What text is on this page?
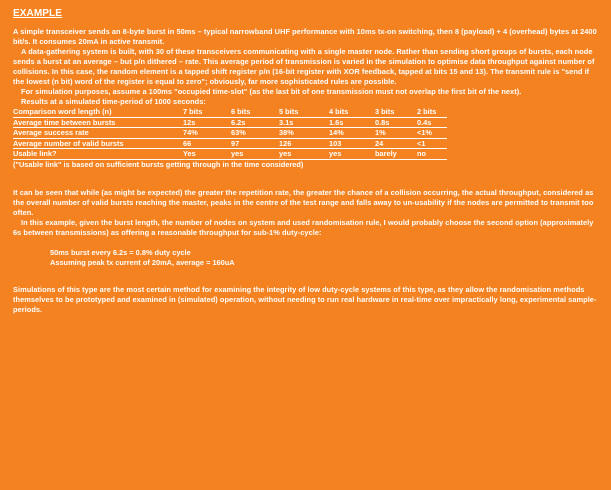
EXAMPLE

A simple transceiver sends an 8-byte burst in 50ms – typical narrowband UHF performance with 10ms tx-on switching, then 8 (payload) + 4 (overhead) bytes at 2400 bit/s. It consumes 20mA in active transmit.

A data-gathering system is built, with 30 of these transceivers communicating with a single master node. Rather than sending short groups of bursts, each node sends a burst at an average – but p/n dithered – rate. This average period of transmission is varied in the simulation to optimise data throughput against number of collisions. In this case, the random element is a tapped shift register p/n (16-bit register with XOR feedback, tapped at bits 15 and 13). The transmit rule is "send if the lowest (n bit) word of the register is equal to zero"; obviously, far more sophisticated rules are possible.

For simulation purposes, assume a 100ms "occupied time-slot" (as the last bit of one transmission must not overlap the first bit of the next).

Results at a simulated time-period of 1000 seconds:

Comparison word length (n)	7 bits	6 bits	5 bits	4 bits	3 bits	2 bits
Average time between bursts	12s	6.2s	3.1s	1.6s	0.8s	0.4s
Average success rate	74%	63%	38%	14%	1%	<1%
Average number of valid bursts	66	97	126	103	24	<1
Usable link?	Yes	yes	yes	yes	barely	no
("Usable link" is based on sufficient bursts getting through in the time considered)

It can be seen that while (as might be expected) the greater the repetition rate, the greater the chance of a collision occurring, the actual throughput, considered as the overall number of valid bursts reaching the master, peaks in the centre of the test range and falls away to un-usability if the nodes are permitted to transmit too often.

In this example, given the burst length, the number of nodes on system and used randomisation rule, I would probably choose the second option (approximately 6s between transmissions) as offering a reasonable throughput for sub-1% duty-cycle:

50ms burst every 6.2s = 0.8% duty cycle
Assuming peak tx current of 20mA, average = 160uA

Simulations of this type are the most certain method for examining the integrity of low duty-cycle systems of this type, as they allow the randomisation methods themselves to be prototyped and examined in (simulated) operation, without needing to run real hardware in real-time over impractically long, experimental sample-periods.
